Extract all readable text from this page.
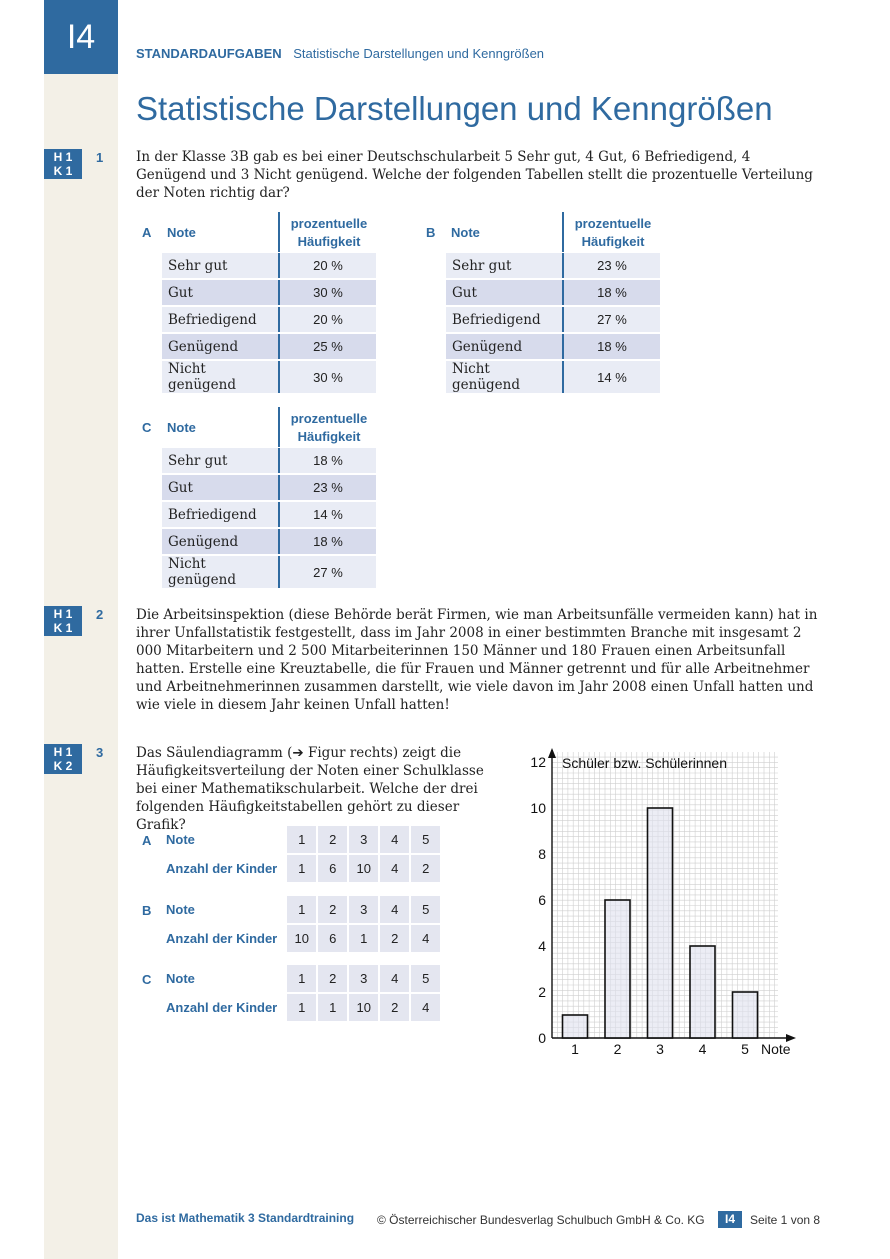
I4	STANDARDAUFGABEN Statistische Darstellungen und Kenngrößen
Statistische Darstellungen und Kenngrößen
H 1
K 1
1 In der Klasse 3B gab es bei einer Deutschschularbeit 5 Sehr gut, 4 Gut, 6 Befriedigend, 4 Genügend und 3 Nicht genügend. Welche der folgenden Tabellen stellt die prozentuelle Verteilung der Noten richtig dar?
A Note
prozentuelle
Häufigkeit
Sehr gut	20 %
Gut	30 %
Befriedigend	20 %
Genügend	25 %
Nicht genügend	30 %
B Note
prozentuelle
Häufigkeit
Sehr gut	23 %
Gut	18 %
Befriedigend	27 %
Genügend	18 %
Nicht genügend	14 %
C Note
prozentuelle
Häufigkeit
Sehr gut	18 %
Gut	23 %
Befriedigend	14 %
Genügend	18 %
Nicht genügend	27 %
H 1
K 1
2 Die Arbeitsinspektion (diese Behörde berät Firmen, wie man Arbeitsunfälle vermeiden kann) hat in ihrer Unfallstatistik festgestellt, dass im Jahr 2008 in einer bestimmten Branche mit insgesamt 2 000 Mitarbeitern und 2 500 Mitarbeiterinnen 150 Männer und 180 Frauen einen Arbeitsunfall hatten. Erstelle eine Kreuztabelle, die für Frauen und Männer getrennt und für alle Arbeitnehmer und Arbeitnehmerinnen zusammen darstellt, wie viele davon im Jahr 2008 einen Unfall hatten und wie viele in diesem Jahr keinen Unfall hatten!
H 1
K 2
3 Das Säulendiagramm (➔ Figur rechts) zeigt die Häufigkeitsverteilung der Noten einer Schulklasse bei einer Mathematikschularbeit. Welche der drei folgenden Häufigkeitstabellen gehört zu dieser Grafik?
A Note	1	2	3	4	5
Anzahl der Kinder	1	6	10	4	2
B Note	1	2	3	4	5
Anzahl der Kinder	10	6	1	2	4
C Note	1	2	3	4	5
Anzahl der Kinder	1	1	10	2	4
Schüler bzw. Schülerinnen
Note
0
2
4
6
8
10
12
1 2 3 4 5
Das ist Mathematik 3 Standardtraining © Österreichischer Bundesverlag Schulbuch GmbH & Co. KG	I4	Seite 1 von 8
